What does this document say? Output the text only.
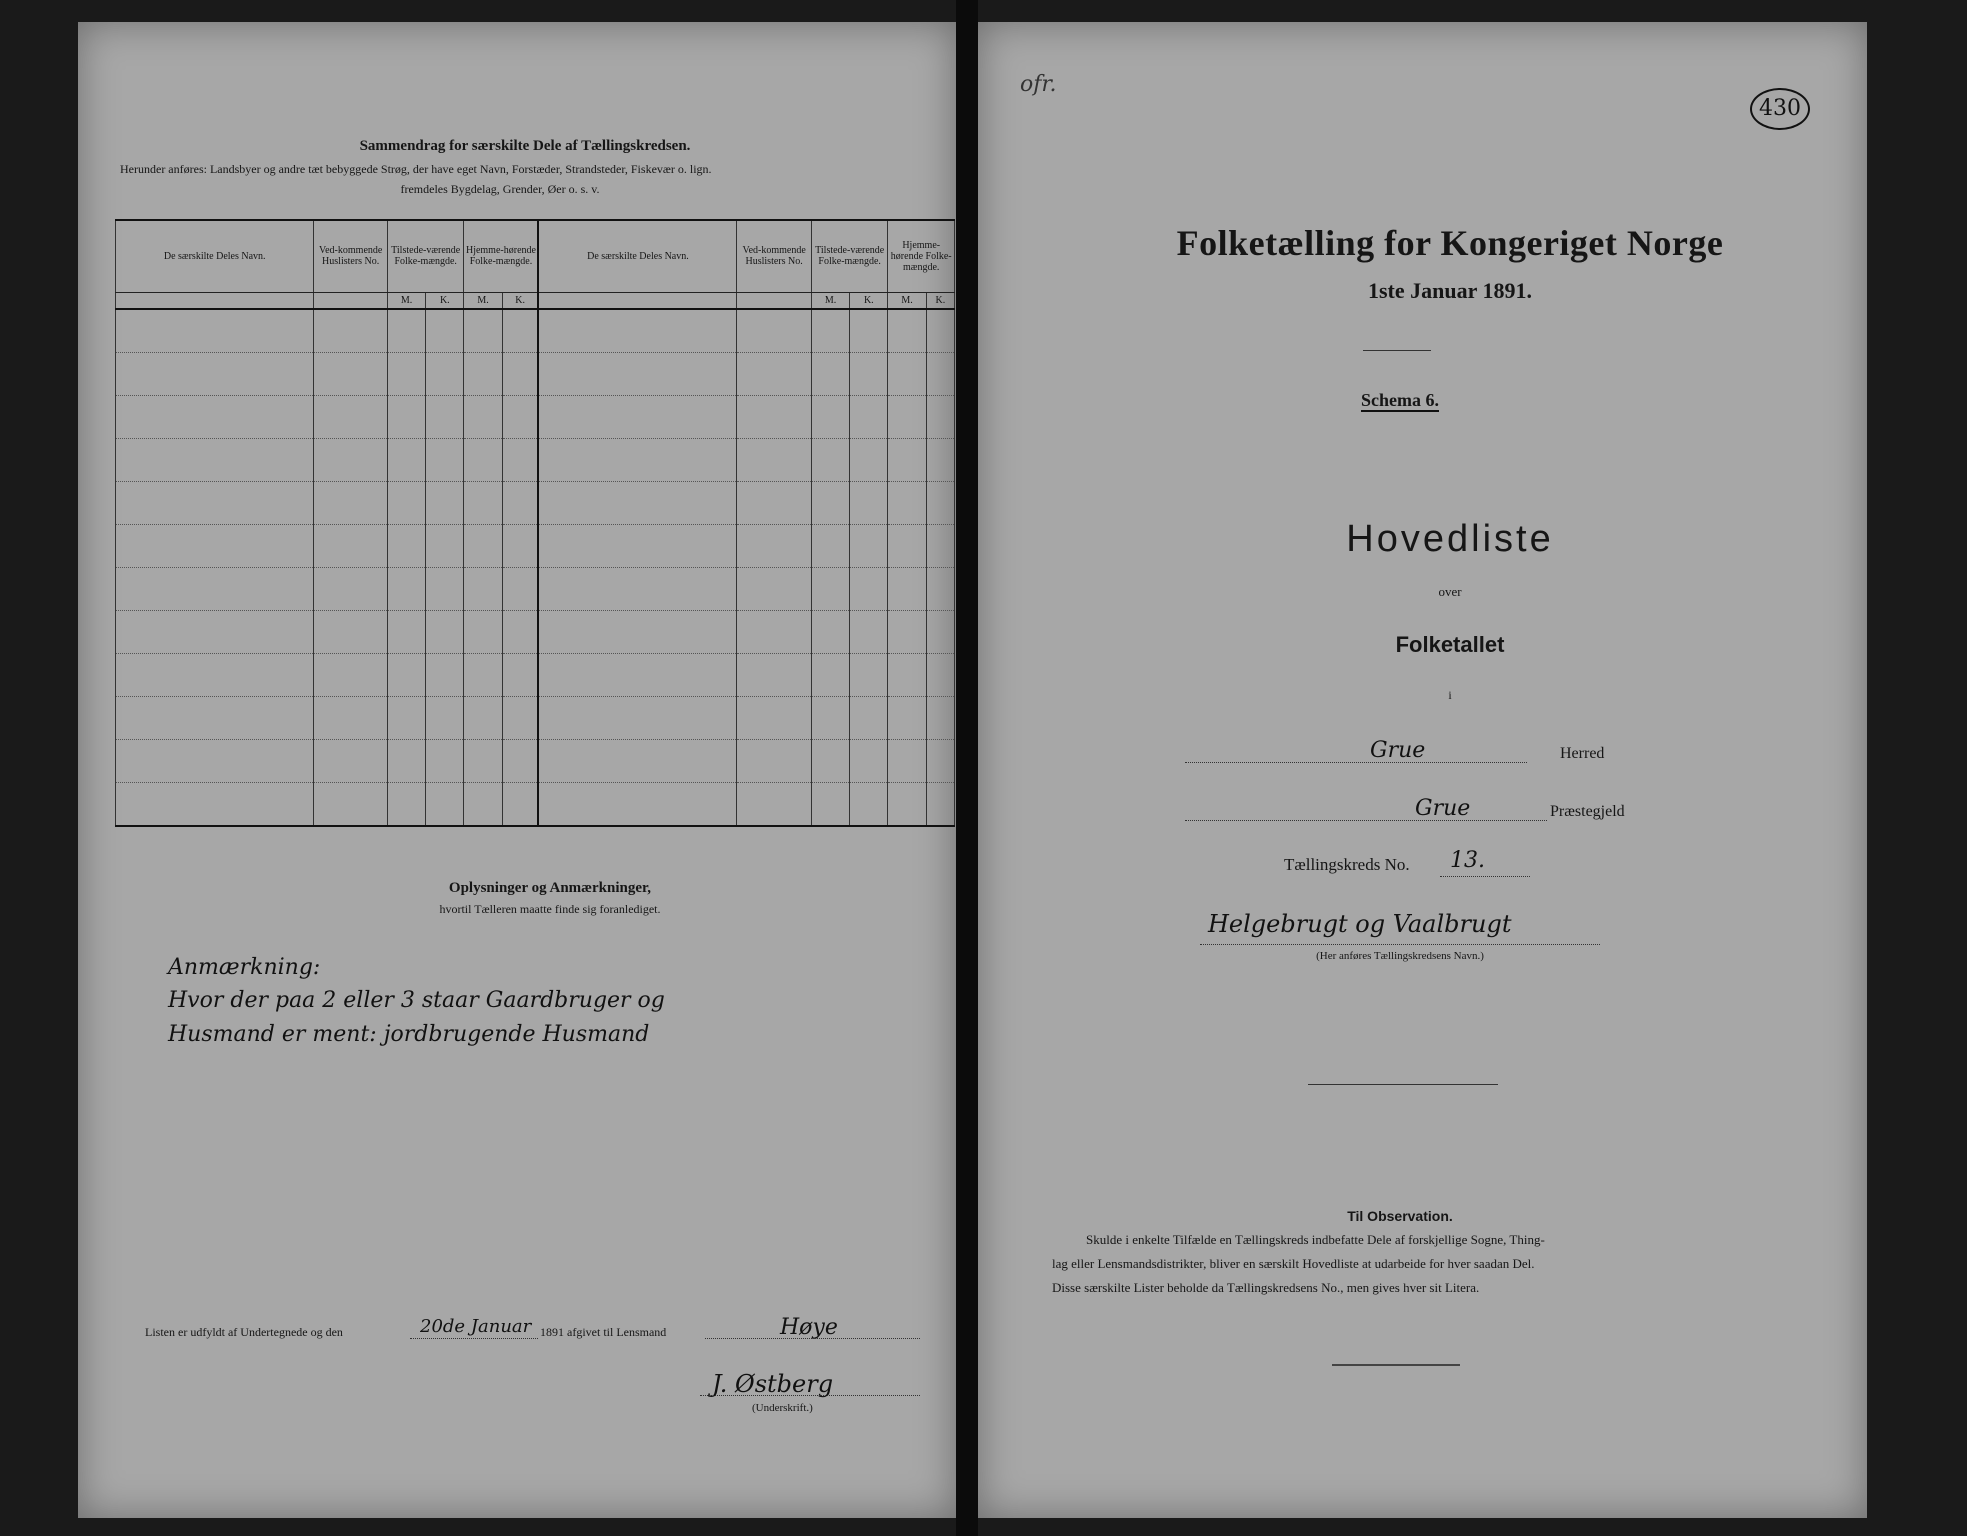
Sammendrag for særskilte Dele af Tællingskredsen.
Herunder anføres: Landsbyer og andre tæt bebyggede Strøg, der have eget Navn, Forstæder, Strandsteder, Fiskevær o. lign.
fremdeles Bygdelag, Grender, Øer o. s. v.
De særskilte Deles Navn.	Ved-kommende Huslisters No.	Tilstede-værende Folke-mængde.		Hjemme-hørende Folke-mængde.		De særskilte Deles Navn.	Ved-kommende Huslisters No.	Tilstede-værende Folke-mængde.		Hjemme-hørende Folke-mængde.	
		M.	K.	M.	K.			M.	K.	M.	K.

Oplysninger og Anmærkninger,
hvortil Tælleren maatte finde sig foranlediget.
Anmærkning:
Hvor der paa 2 eller 3 staar Gaardbruger og
Husmand er ment: jordbrugende Husmand
Listen er udfyldt af Undertegnede og den	20de Januar 1891 afgivet til Lensmand	Høye
J. Østberg
(Underskrift.)
ofr.
430
Folketælling for Kongeriget Norge
1ste Januar 1891.
Schema 6.
Hovedliste
over
Folketallet
i
Grue	Herred
Grue	Præstegjeld
Tællingskreds No. 13.
Helgebrugt og Vaalbrugt
(Her anføres Tællingskredsens Navn.)
Til Observation.
Skulde i enkelte Tilfælde en Tællingskreds indbefatte Dele af forskjellige Sogne, Thing-
lag eller Lensmandsdistrikter, bliver en særskilt Hovedliste at udarbeide for hver saadan Del.
Disse særskilte Lister beholde da Tællingskredsens No., men gives hver sit Litera.
